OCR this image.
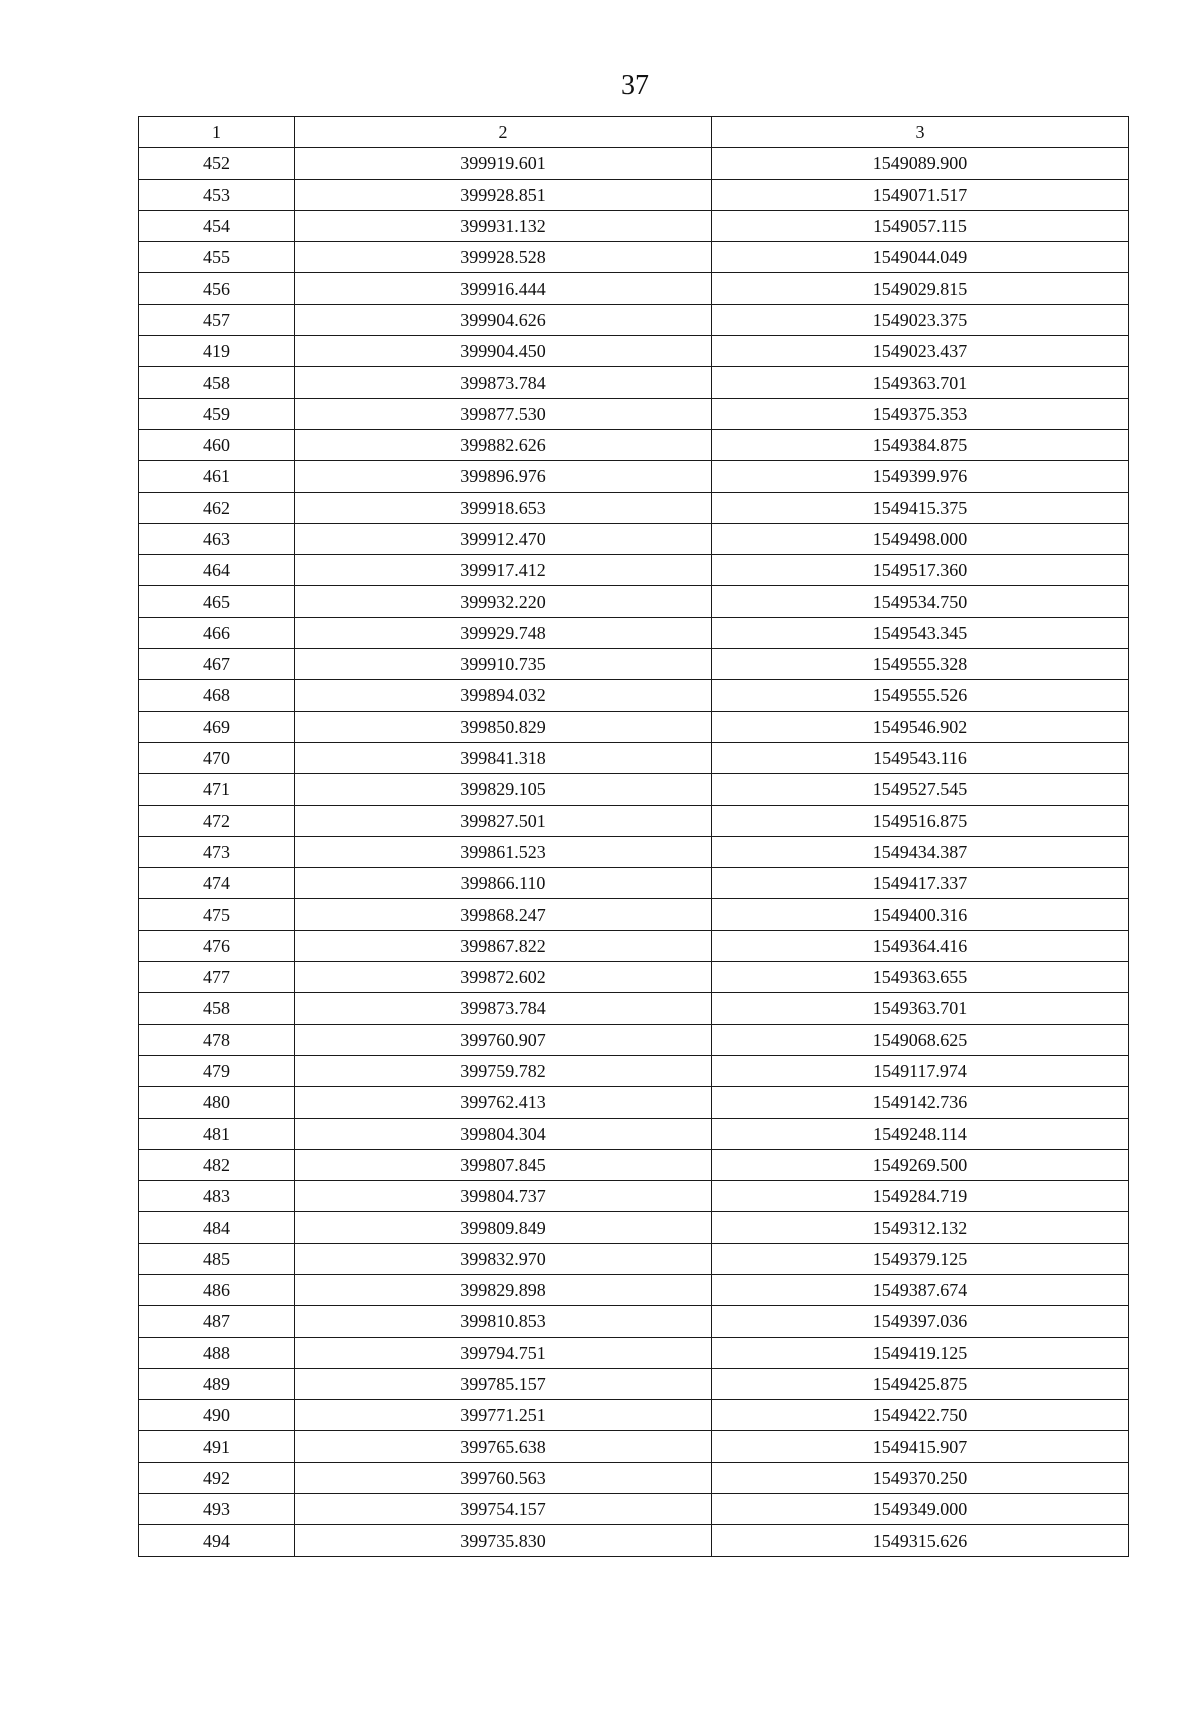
37
1	2	3
452	399919.601	1549089.900
453	399928.851	1549071.517
454	399931.132	1549057.115
455	399928.528	1549044.049
456	399916.444	1549029.815
457	399904.626	1549023.375
419	399904.450	1549023.437
458	399873.784	1549363.701
459	399877.530	1549375.353
460	399882.626	1549384.875
461	399896.976	1549399.976
462	399918.653	1549415.375
463	399912.470	1549498.000
464	399917.412	1549517.360
465	399932.220	1549534.750
466	399929.748	1549543.345
467	399910.735	1549555.328
468	399894.032	1549555.526
469	399850.829	1549546.902
470	399841.318	1549543.116
471	399829.105	1549527.545
472	399827.501	1549516.875
473	399861.523	1549434.387
474	399866.110	1549417.337
475	399868.247	1549400.316
476	399867.822	1549364.416
477	399872.602	1549363.655
458	399873.784	1549363.701
478	399760.907	1549068.625
479	399759.782	1549117.974
480	399762.413	1549142.736
481	399804.304	1549248.114
482	399807.845	1549269.500
483	399804.737	1549284.719
484	399809.849	1549312.132
485	399832.970	1549379.125
486	399829.898	1549387.674
487	399810.853	1549397.036
488	399794.751	1549419.125
489	399785.157	1549425.875
490	399771.251	1549422.750
491	399765.638	1549415.907
492	399760.563	1549370.250
493	399754.157	1549349.000
494	399735.830	1549315.626
